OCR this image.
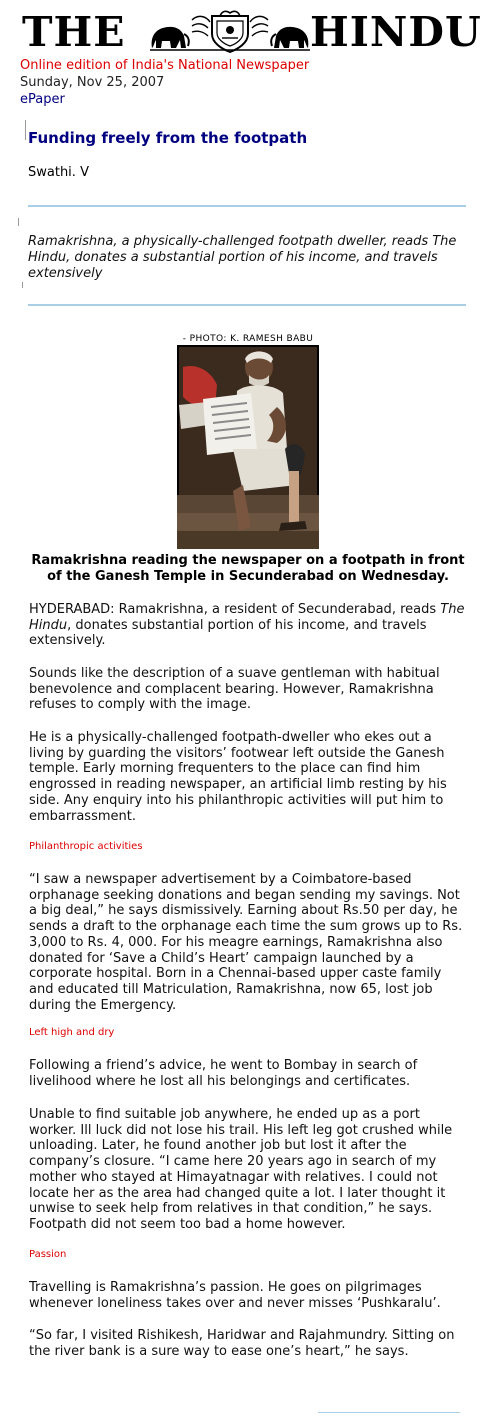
THE	HINDU
Online edition of India's National Newspaper
Sunday, Nov 25, 2007
ePaper
Funding freely from the footpath
Swathi. V
Ramakrishna, a physically-challenged footpath dweller, reads The Hindu, donates a substantial portion of his income, and travels extensively
- PHOTO: K. RAMESH BABU
Ramakrishna reading the newspaper on a footpath in front
of the Ganesh Temple in Secunderabad on Wednesday.

HYDERABAD: Ramakrishna, a resident of Secunderabad, reads The Hindu, donates substantial portion of his income, and travels extensively.

Sounds like the description of a suave gentleman with habitual benevolence and complacent bearing. However, Ramakrishna refuses to comply with the image.

He is a physically-challenged footpath-dweller who ekes out a living by guarding the visitors’ footwear left outside the Ganesh temple. Early morning frequenters to the place can find him engrossed in reading newspaper, an artificial limb resting by his side. Any enquiry into his philanthropic activities will put him to embarrassment.

Philanthropic activities

“I saw a newspaper advertisement by a Coimbatore-based orphanage seeking donations and began sending my savings. Not a big deal,” he says dismissively. Earning about Rs.50 per day, he sends a draft to the orphanage each time the sum grows up to Rs. 3,000 to Rs. 4, 000. For his meagre earnings, Ramakrishna also donated for ‘Save a Child’s Heart’ campaign launched by a corporate hospital. Born in a Chennai-based upper caste family and educated till Matriculation, Ramakrishna, now 65, lost job during the Emergency.

Left high and dry

Following a friend’s advice, he went to Bombay in search of livelihood where he lost all his belongings and certificates.

Unable to find suitable job anywhere, he ended up as a port worker. Ill luck did not lose his trail. His left leg got crushed while unloading. Later, he found another job but lost it after the company’s closure. “I came here 20 years ago in search of my mother who stayed at Himayatnagar with relatives. I could not locate her as the area had changed quite a lot. I later thought it unwise to seek help from relatives in that condition,” he says. Footpath did not seem too bad a home however.

Passion

Travelling is Ramakrishna’s passion. He goes on pilgrimages whenever loneliness takes over and never misses ‘Pushkaralu’.

“So far, I visited Rishikesh, Haridwar and Rajahmundry. Sitting on the river bank is a sure way to ease one’s heart,” he says.
